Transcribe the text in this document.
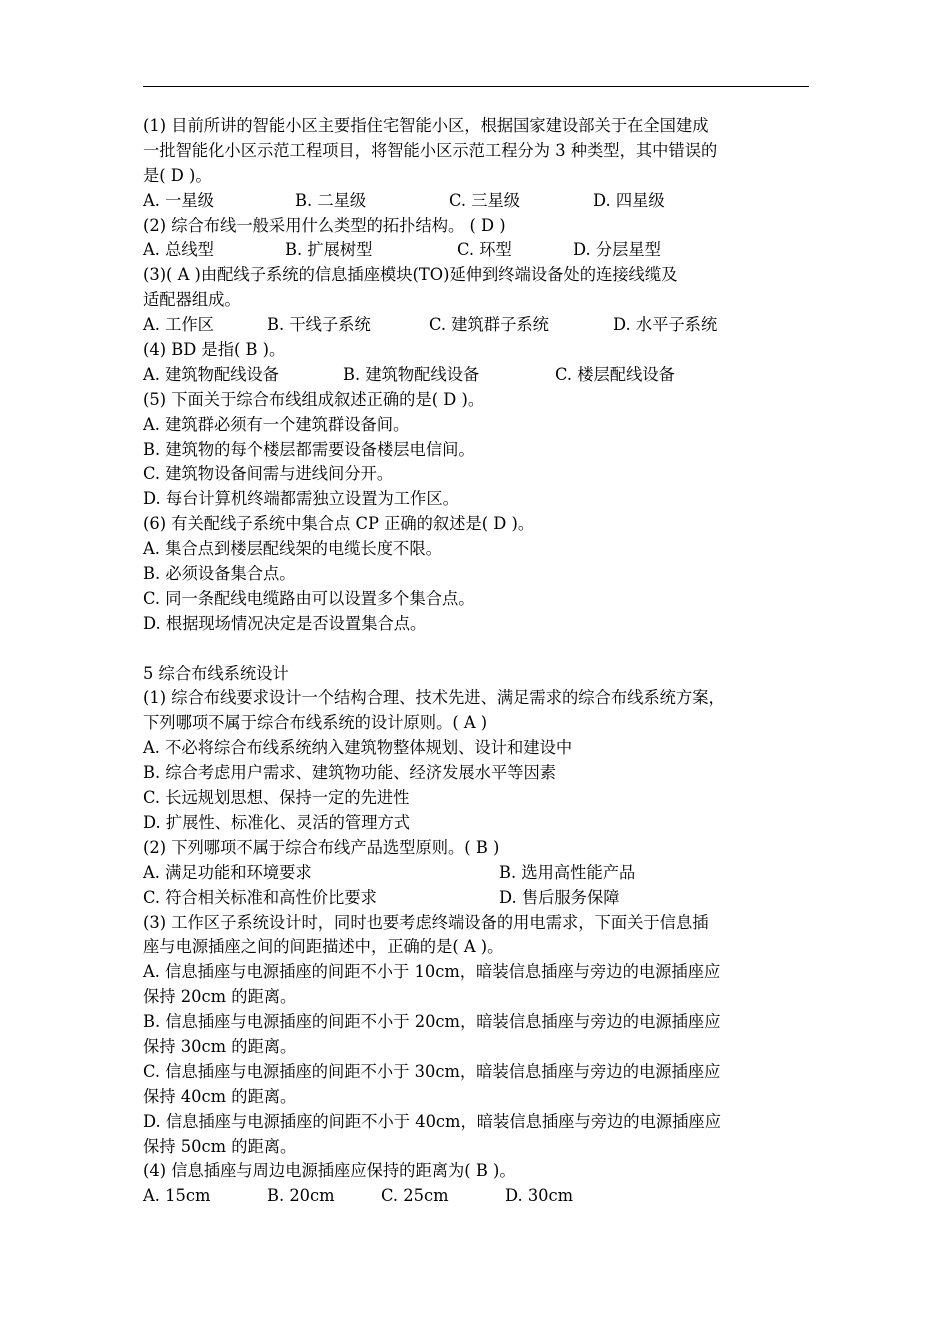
(1) 目前所讲的智能小区主要指住宅智能小区，根据国家建设部关于在全国建成
一批智能化小区示范工程项目，将智能小区示范工程分为 3 种类型，其中错误的
是( D )。
A. 一星级	B. 二星级	C. 三星级	D. 四星级
(2) 综合布线一般采用什么类型的拓扑结构。 ( D )
A. 总线型	B. 扩展树型	C. 环型	D. 分层星型
(3)( A )由配线子系统的信息插座模块(TO)延伸到终端设备处的连接线缆及
适配器组成。
A. 工作区	B. 干线子系统	C. 建筑群子系统	D. 水平子系统
(4) BD 是指( B )。
A. 建筑物配线设备	B. 建筑物配线设备	C. 楼层配线设备
(5) 下面关于综合布线组成叙述正确的是( D )。
A. 建筑群必须有一个建筑群设备间。
B. 建筑物的每个楼层都需要设备楼层电信间。
C. 建筑物设备间需与进线间分开。
D. 每台计算机终端都需独立设置为工作区。
(6) 有关配线子系统中集合点 CP 正确的叙述是( D )。
A. 集合点到楼层配线架的电缆长度不限。
B. 必须设备集合点。
C. 同一条配线电缆路由可以设置多个集合点。
D. 根据现场情况决定是否设置集合点。
5 综合布线系统设计
(1) 综合布线要求设计一个结构合理、技术先进、满足需求的综合布线系统方案，
下列哪项不属于综合布线系统的设计原则。( A )
A. 不必将综合布线系统纳入建筑物整体规划、设计和建设中
B. 综合考虑用户需求、建筑物功能、经济发展水平等因素
C. 长远规划思想、保持一定的先进性
D. 扩展性、标准化、灵活的管理方式
(2) 下列哪项不属于综合布线产品选型原则。( B )
A. 满足功能和环境要求	B. 选用高性能产品
C. 符合相关标准和高性价比要求	D. 售后服务保障
(3) 工作区子系统设计时，同时也要考虑终端设备的用电需求，下面关于信息插
座与电源插座之间的间距描述中，正确的是( A )。
A. 信息插座与电源插座的间距不小于 10cm，暗装信息插座与旁边的电源插座应
保持 20cm 的距离。
B. 信息插座与电源插座的间距不小于 20cm，暗装信息插座与旁边的电源插座应
保持 30cm 的距离。
C. 信息插座与电源插座的间距不小于 30cm，暗装信息插座与旁边的电源插座应
保持 40cm 的距离。
D. 信息插座与电源插座的间距不小于 40cm，暗装信息插座与旁边的电源插座应
保持 50cm 的距离。
(4) 信息插座与周边电源插座应保持的距离为( B )。
A. 15cm	B. 20cm	C. 25cm	D. 30cm
